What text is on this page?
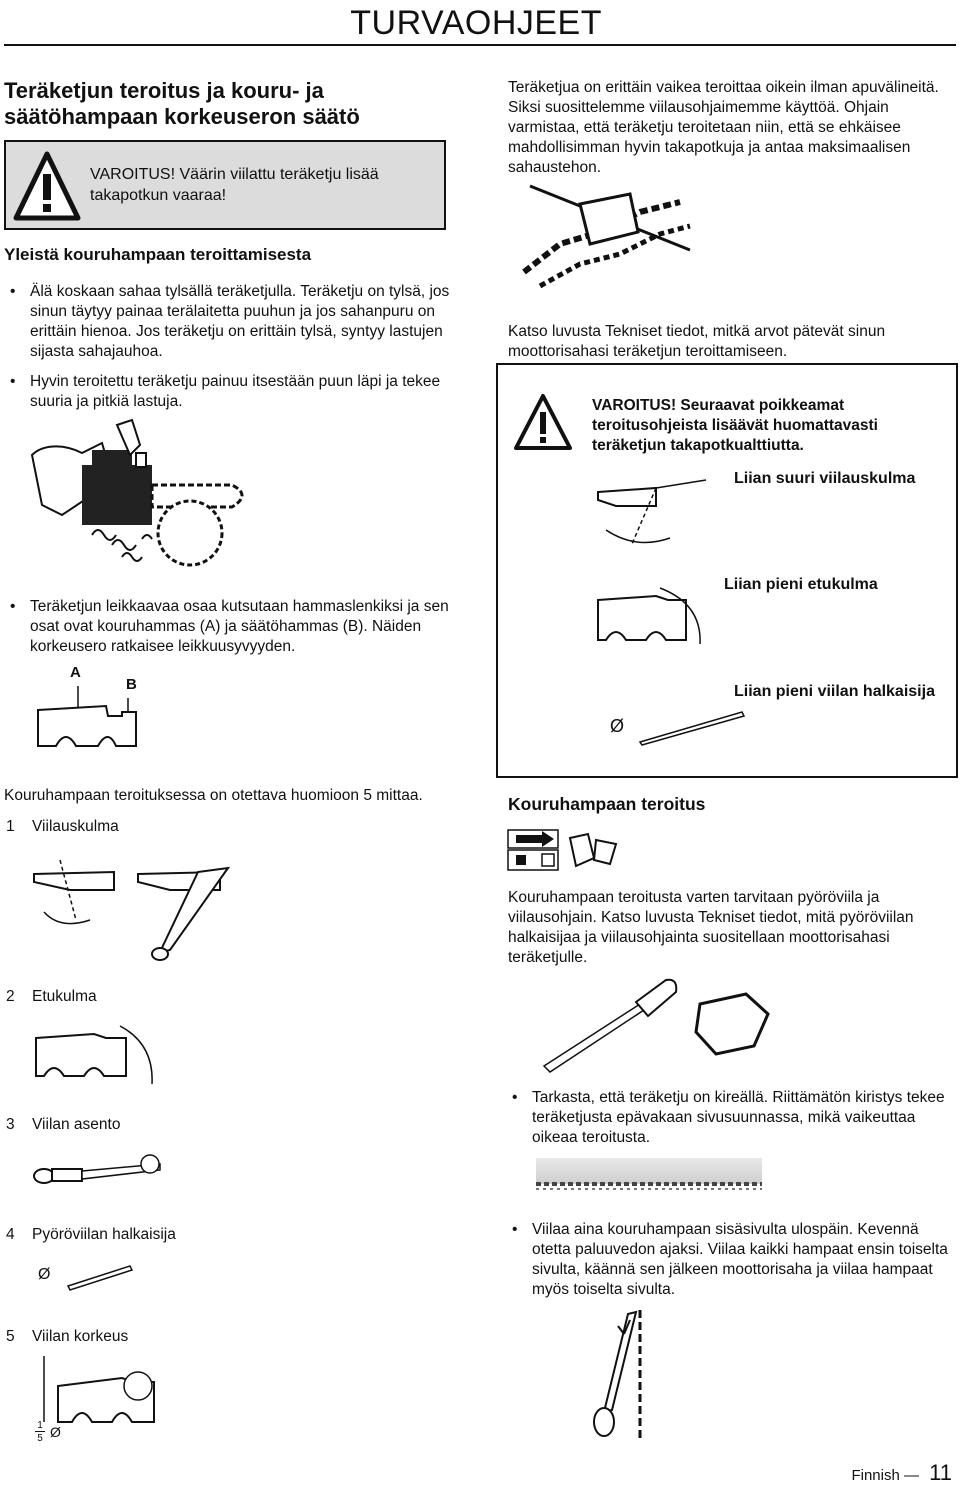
TURVAOHJEET
Teräketjun teroitus ja kouru- ja säätöhampaan korkeuseron säätö
VAROITUS! Väärin viilattu teräketju lisää takapotkun vaaraa!
Yleistä kouruhampaan teroittamisesta
• Älä koskaan sahaa tylsällä teräketjulla. Teräketju on tylsä, jos sinun täytyy painaa terälaitetta puuhun ja jos sahanpuru on erittäin hienoa. Jos teräketju on erittäin tylsä, syntyy lastujen sijasta sahajauhoa.
• Hyvin teroitettu teräketju painuu itsestään puun läpi ja tekee suuria ja pitkiä lastuja.
• Teräketjun leikkaavaa osaa kutsutaan hammaslenkiksi ja sen osat ovat kouruhammas (A) ja säätöhammas (B). Näiden korkeusero ratkaisee leikkuusyvyyden.
A
B
Kouruhampaan teroituksessa on otettava huomioon 5 mittaa.
1 Viilauskulma
2 Etukulma
3 Viilan asento
4 Pyöröviilan halkaisija
Ø
5 Viilan korkeus
1
5 Ø
Teräketjua on erittäin vaikea teroittaa oikein ilman apuvälineitä. Siksi suosittelemme viilausohjaimemme käyttöä. Ohjain varmistaa, että teräketju teroitetaan niin, että se ehkäisee mahdollisimman hyvin takapotkuja ja antaa maksimaalisen sahaustehon.
Katso luvusta Tekniset tiedot, mitkä arvot pätevät sinun moottorisahasi teräketjun teroittamiseen.
VAROITUS! Seuraavat poikkeamat teroitusohjeista lisäävät huomattavasti teräketjun takapotkualttiutta.
Liian suuri viilauskulma
Liian pieni etukulma
Liian pieni viilan halkaisija
Ø
Kouruhampaan teroitus
Kouruhampaan teroitusta varten tarvitaan pyöröviila ja viilausohjain. Katso luvusta Tekniset tiedot, mitä pyöröviilan halkaisijaa ja viilausohjainta suositellaan moottorisahasi teräketjulle.
• Tarkasta, että teräketju on kireällä. Riittämätön kiristys tekee teräketjusta epävakaan sivusuunnassa, mikä vaikeuttaa oikeaa teroitusta.
• Viilaa aina kouruhampaan sisäsivulta ulospäin. Kevennä otetta paluuvedon ajaksi. Viilaa kaikki hampaat ensin toiselta sivulta, käännä sen jälkeen moottorisaha ja viilaa hampaat myös toiselta sivulta.
Finnish — 11
